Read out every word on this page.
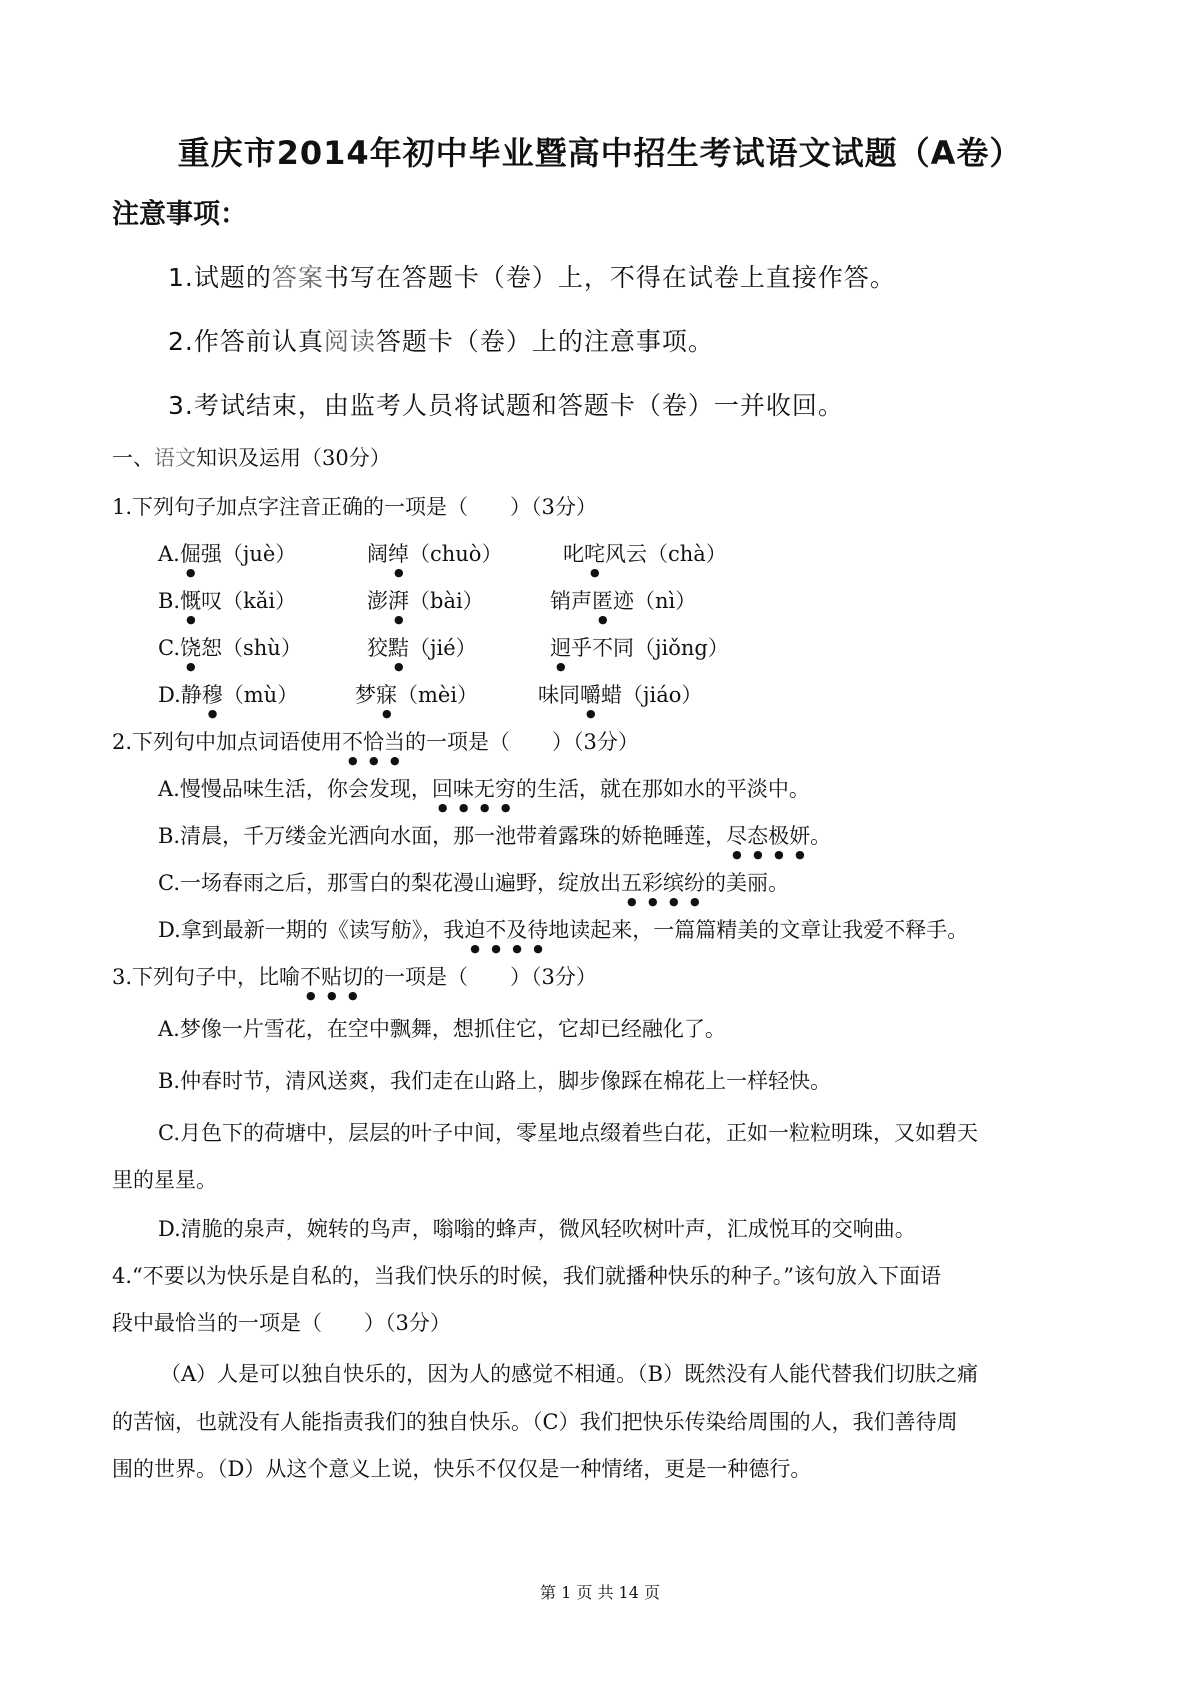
重庆市2014年初中毕业暨高中招生考试语文试题（A卷）
注意事项：
1.试题的答案书写在答题卡（卷）上，不得在试卷上直接作答。
2.作答前认真阅读答题卡（卷）上的注意事项。
3.考试结束，由监考人员将试题和答题卡（卷）一并收回。
一、语文知识及运用（30分）
1.下列句子加点字注音正确的一项是（　　）（3分）
A.倔强（juè）	阔绰（chuò）	叱咤风云（chà）
B.慨叹（kǎi）	澎湃（bài）	销声匿迹（nì）
C.饶恕（shù）	狡黠（jié）	迥乎不同（jiǒng）
D.静穆（mù）	梦寐（mèi）	味同嚼蜡（jiáo）
2.下列句中加点词语使用不恰当的一项是（　　）（3分）
A.慢慢品味生活，你会发现，回味无穷的生活，就在那如水的平淡中。
B.清晨，千万缕金光洒向水面，那一池带着露珠的娇艳睡莲，尽态极妍。
C.一场春雨之后，那雪白的梨花漫山遍野，绽放出五彩缤纷的美丽。
D.拿到最新一期的《读写舫》，我迫不及待地读起来，一篇篇精美的文章让我爱不释手。
3.下列句子中，比喻不贴切的一项是（　　）（3分）
A.梦像一片雪花，在空中飘舞，想抓住它，它却已经融化了。
B.仲春时节，清风送爽，我们走在山路上，脚步像踩在棉花上一样轻快。
C.月色下的荷塘中，层层的叶子中间，零星地点缀着些白花，正如一粒粒明珠，又如碧天
里的星星。
D.清脆的泉声，婉转的鸟声，嗡嗡的蜂声，微风轻吹树叶声，汇成悦耳的交响曲。
4.“不要以为快乐是自私的，当我们快乐的时候，我们就播种快乐的种子。”该句放入下面语
段中最恰当的一项是（　　）（3分）
（A）人是可以独自快乐的，因为人的感觉不相通。（B）既然没有人能代替我们切肤之痛
的苦恼，也就没有人能指责我们的独自快乐。（C）我们把快乐传染给周围的人，我们善待周
围的世界。（D）从这个意义上说，快乐不仅仅是一种情绪，更是一种德行。
第 1 页 共 14 页
